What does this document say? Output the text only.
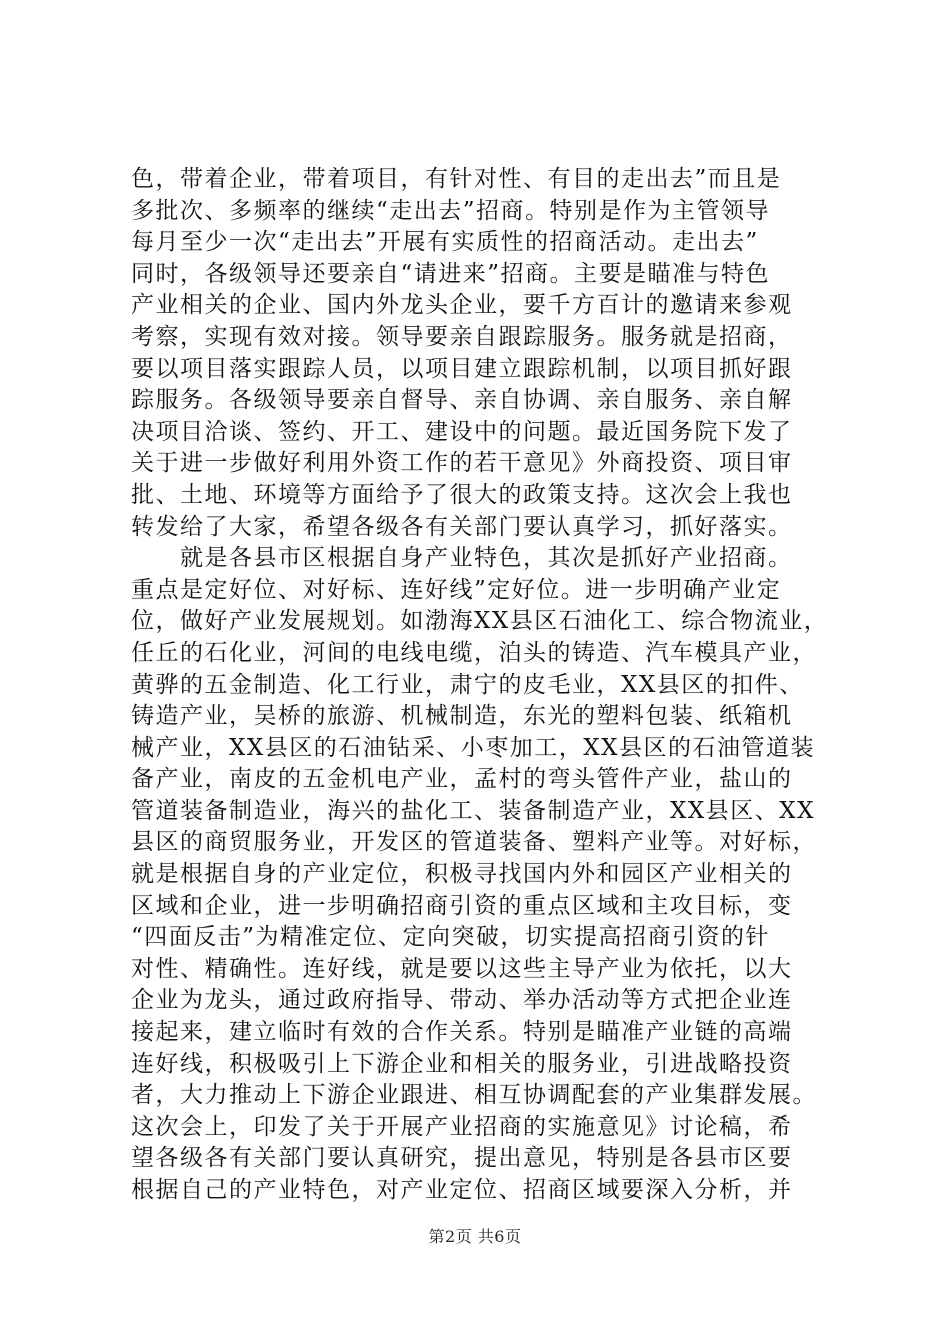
色，带着企业，带着项目，有针对性、有目的走出去”而且是
多批次、多频率的继续“走出去”招商。特别是作为主管领导
每月至少一次“走出去”开展有实质性的招商活动。走出去”
同时，各级领导还要亲自“请进来”招商。主要是瞄准与特色
产业相关的企业、国内外龙头企业，要千方百计的邀请来参观
考察，实现有效对接。领导要亲自跟踪服务。服务就是招商，
要以项目落实跟踪人员，以项目建立跟踪机制，以项目抓好跟
踪服务。各级领导要亲自督导、亲自协调、亲自服务、亲自解
决项目洽谈、签约、开工、建设中的问题。最近国务院下发了
关于进一步做好利用外资工作的若干意见》外商投资、项目审
批、土地、环境等方面给予了很大的政策支持。这次会上我也
转发给了大家，希望各级各有关部门要认真学习，抓好落实。
　　就是各县市区根据自身产业特色，其次是抓好产业招商。
重点是定好位、对好标、连好线”定好位。进一步明确产业定
位，做好产业发展规划。如渤海XX县区石油化工、综合物流业，
任丘的石化业，河间的电线电缆，泊头的铸造、汽车模具产业，
黄骅的五金制造、化工行业，肃宁的皮毛业，XX县区的扣件、
铸造产业，吴桥的旅游、机械制造，东光的塑料包装、纸箱机
械产业，XX县区的石油钻采、小枣加工，XX县区的石油管道装
备产业，南皮的五金机电产业，孟村的弯头管件产业，盐山的
管道装备制造业，海兴的盐化工、装备制造产业，XX县区、XX
县区的商贸服务业，开发区的管道装备、塑料产业等。对好标，
就是根据自身的产业定位，积极寻找国内外和园区产业相关的
区域和企业，进一步明确招商引资的重点区域和主攻目标，变
“四面反击”为精准定位、定向突破，切实提高招商引资的针
对性、精确性。连好线，就是要以这些主导产业为依托，以大
企业为龙头，通过政府指导、带动、举办活动等方式把企业连
接起来，建立临时有效的合作关系。特别是瞄准产业链的高端
连好线，积极吸引上下游企业和相关的服务业，引进战略投资
者，大力推动上下游企业跟进、相互协调配套的产业集群发展。
这次会上，印发了关于开展产业招商的实施意见》讨论稿，希
望各级各有关部门要认真研究，提出意见，特别是各县市区要
根据自己的产业特色，对产业定位、招商区域要深入分析，并
第2页 共6页
